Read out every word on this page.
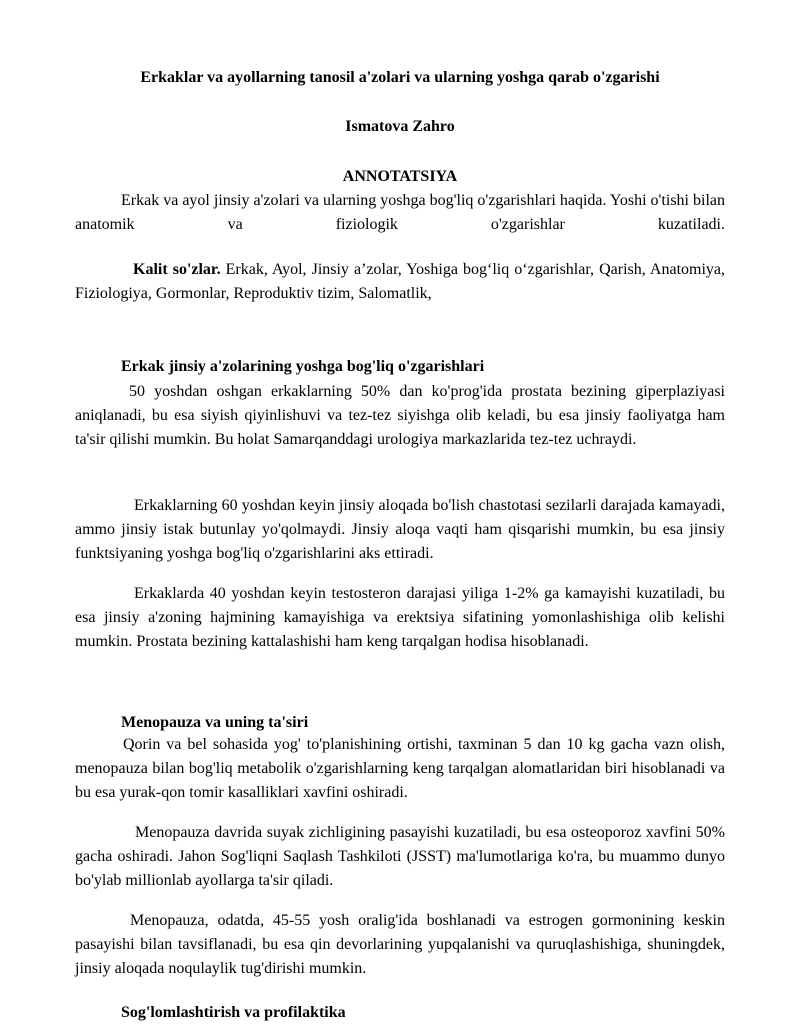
Erkaklar va ayollarning tanosil a'zolari va ularning yoshga qarab o'zgarishi

Ismatova Zahro

ANNOTATSIYA

Erkak va ayol jinsiy a'zolari va ularning yoshga bog'liq o'zgarishlari haqida. Yoshi o'tishi bilan anatomik va fiziologik o'zgarishlar kuzatiladi.

Kalit so'zlar. Erkak, Ayol, Jinsiy a’zolar, Yoshiga bog‘liq o‘zgarishlar, Qarish, Anatomiya, Fiziologiya, Gormonlar, Reproduktiv tizim, Salomatlik,

Erkak jinsiy a'zolarining yoshga bog'liq o'zgarishlari

50 yoshdan oshgan erkaklarning 50% dan ko'prog'ida prostata bezining giperplaziyasi aniqlanadi, bu esa siyish qiyinlishuvi va tez-tez siyishga olib keladi, bu esa jinsiy faoliyatga ham ta'sir qilishi mumkin. Bu holat Samarqanddagi urologiya markazlarida tez-tez uchraydi.

Erkaklarning 60 yoshdan keyin jinsiy aloqada bo'lish chastotasi sezilarli darajada kamayadi, ammo jinsiy istak butunlay yo'qolmaydi. Jinsiy aloqa vaqti ham qisqarishi mumkin, bu esa jinsiy funktsiyaning yoshga bog'liq o'zgarishlarini aks ettiradi.

Erkaklarda 40 yoshdan keyin testosteron darajasi yiliga 1-2% ga kamayishi kuzatiladi, bu esa jinsiy a'zoning hajmining kamayishiga va erektsiya sifatining yomonlashishiga olib kelishi mumkin. Prostata bezining kattalashishi ham keng tarqalgan hodisa hisoblanadi.

Menopauza va uning ta'siri

Qorin va bel sohasida yog' to'planishining ortishi, taxminan 5 dan 10 kg gacha vazn olish, menopauza bilan bog'liq metabolik o'zgarishlarning keng tarqalgan alomatlaridan biri hisoblanadi va bu esa yurak-qon tomir kasalliklari xavfini oshiradi.

Menopauza davrida suyak zichligining pasayishi kuzatiladi, bu esa osteoporoz xavfini 50% gacha oshiradi. Jahon Sog'liqni Saqlash Tashkiloti (JSST) ma'lumotlariga ko'ra, bu muammo dunyo bo'ylab millionlab ayollarga ta'sir qiladi.

Menopauza, odatda, 45-55 yosh oralig'ida boshlanadi va estrogen gormonining keskin pasayishi bilan tavsiflanadi, bu esa qin devorlarining yupqalanishi va quruqlashishiga, shuningdek, jinsiy aloqada noqulaylik tug'dirishi mumkin.

Sog'lomlashtirish va profilaktika
